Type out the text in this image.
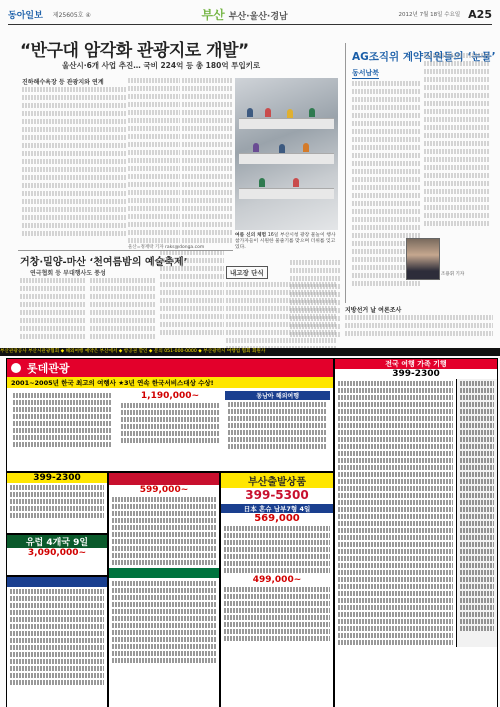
동아일보 제25605호 ④	부산 부산·울산·경남	2012년 7월 18일 수요일 A25
“반구대 암각화 관광지로 개발”
울산시·6개 사업 추진… 국비 224억 등 총 180억 투입키로
진하해수욕장 등 관광지와 연계
여름 신의 체험 16일 부산시청 광장 물놀이 행사 참가자들이 시원한 물줄기를 맞으며 더위를 잊고 있다.
울산=정재락 기자 raks@donga.com
거창·밀양-마산 ‘천여름밤의 예술축제’
연극협회 등 부대행사도 풍성	내고장 단식
AG조직위 계약직원들의 ‘눈물’
동서남북
조용휘 기자
지방선거 날 여론조사
부산관광공사 부산시관광협회 ◆ 해외여행 예약은 부산에서 ◆ 항공권 할인 ◆ 문의 051-000-0000 ◆ 부산광역시 여행업 협회 회원사
롯데관광
2001~2005년 한국 최고의 여행사 ★3년 연속 한국서비스대상 수상!
1,190,000~	동남아 해외여행
399-2300
유럽 4개국 9일
3,090,000~
599,000~
부산출발상품
399-5300
日本 혼슈 남부7형 4일
569,000
499,000~
전국 여행 가족 기행
399-2300
